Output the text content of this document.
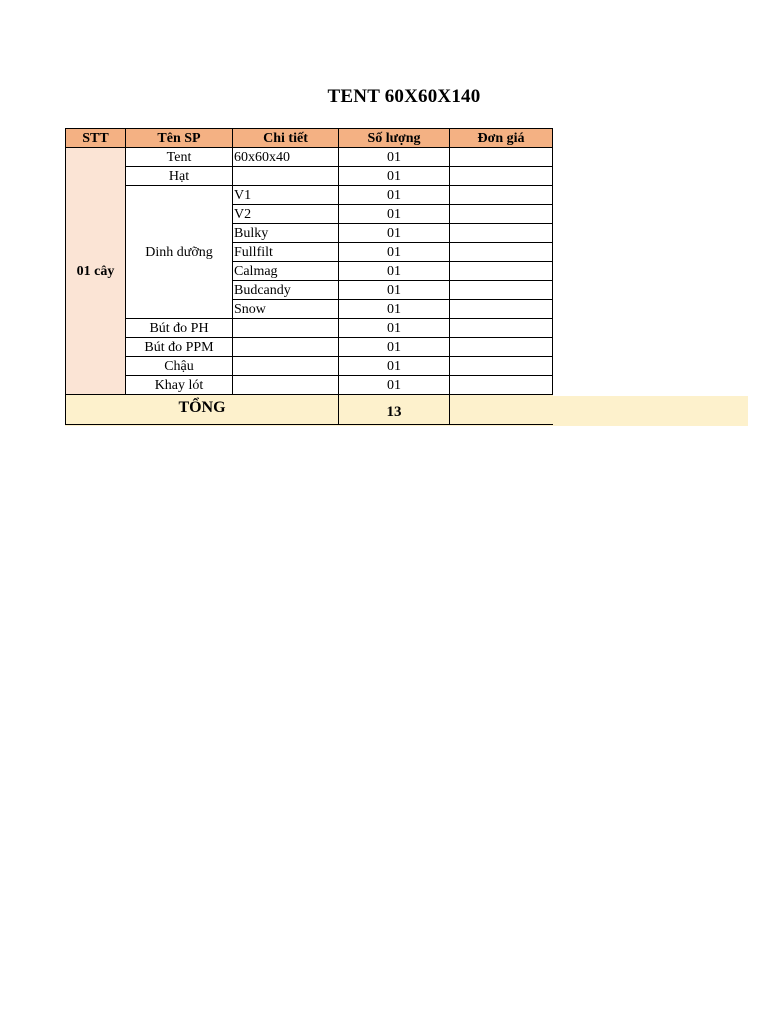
TENT 60X60X140
STT	Tên SP	Chi tiết	Số lượng	Đơn giá
01 cây	Tent	60x60x40	01	
	Hạt		01	
	Dinh dưỡng	V1	01	
		V2	01	
		Bulky	01	
		Fullfilt	01	
		Calmag	01	
		Budcandy	01	
		Snow	01	
	Bút đo PH		01	
	Bút đo PPM		01	
	Chậu		01	
	Khay lót		01	
TỔNG			13	
